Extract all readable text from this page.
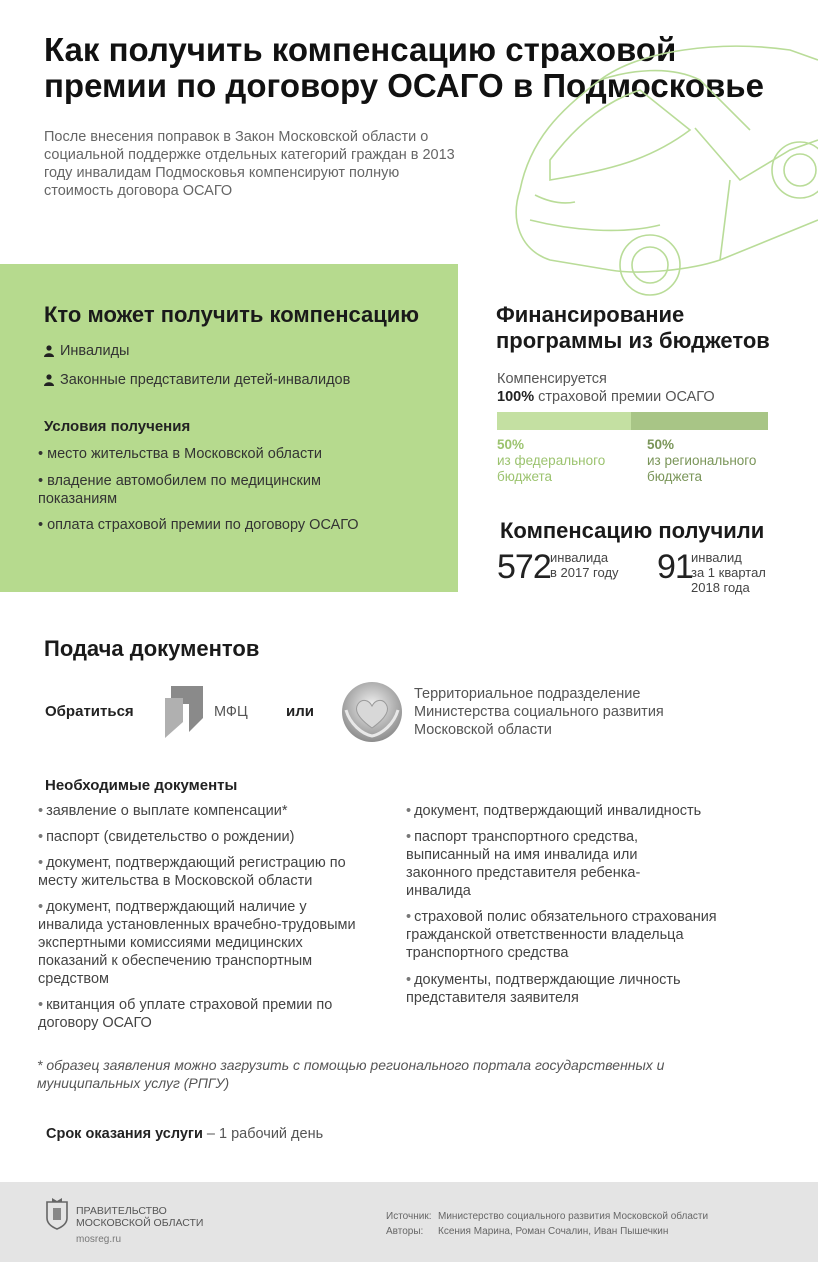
Как получить компенсацию страховой премии по договору ОСАГО в Подмосковье

После внесения поправок в Закон Московской области о социальной поддержке отдельных категорий граждан в 2013 году инвалидам Подмосковья компенсируют полную стоимость договора ОСАГО

Кто может получить компенсацию
Инвалиды
Законные представители детей-инвалидов
Условия получения
• место жительства в Московской области
• владение автомобилем по медицинским показаниям
• оплата страховой премии по договору ОСАГО
Финансирование программы из бюджетов
Компенсируется
100% страховой премии ОСАГО
50%
из федерального бюджета
50%
из регионального бюджета
Компенсацию получили
572 инвалида
в 2017 году 91
инвалид
за 1 квартал
2018 года
Подача документов
Обратиться	МФЦ	или
Территориальное подразделение Министерства социального развития Московской области
Необходимые документы
• заявление о выплате компенсации*
• паспорт (свидетельство о рождении)
• документ, подтверждающий регистрацию по месту жительства в Московской области
• документ, подтверждающий наличие у инвалида установленных врачебно-трудовыми экспертными комиссиями медицинских показаний к обеспечению транспортным средством
• квитанция об уплате страховой премии по договору ОСАГО
• документ, подтверждающий инвалидность
• паспорт транспортного средства, выписанный на имя инвалида или законного представителя ребенка-инвалида
• страховой полис обязательного страхования гражданской ответственности владельца транспортного средства
• документы, подтверждающие личность представителя заявителя
* образец заявления можно загрузить с помощью регионального портала государственных и муниципальных услуг (РПГУ)
Срок оказания услуги – 1 рабочий день
ПРАВИТЕЛЬСТВО
МОСКОВСКОЙ ОБЛАСТИ
mosreg.ru
Источник: Министерство социального развития Московской области
Авторы: Ксения Марина, Роман Сочалин, Иван Пышечкин
